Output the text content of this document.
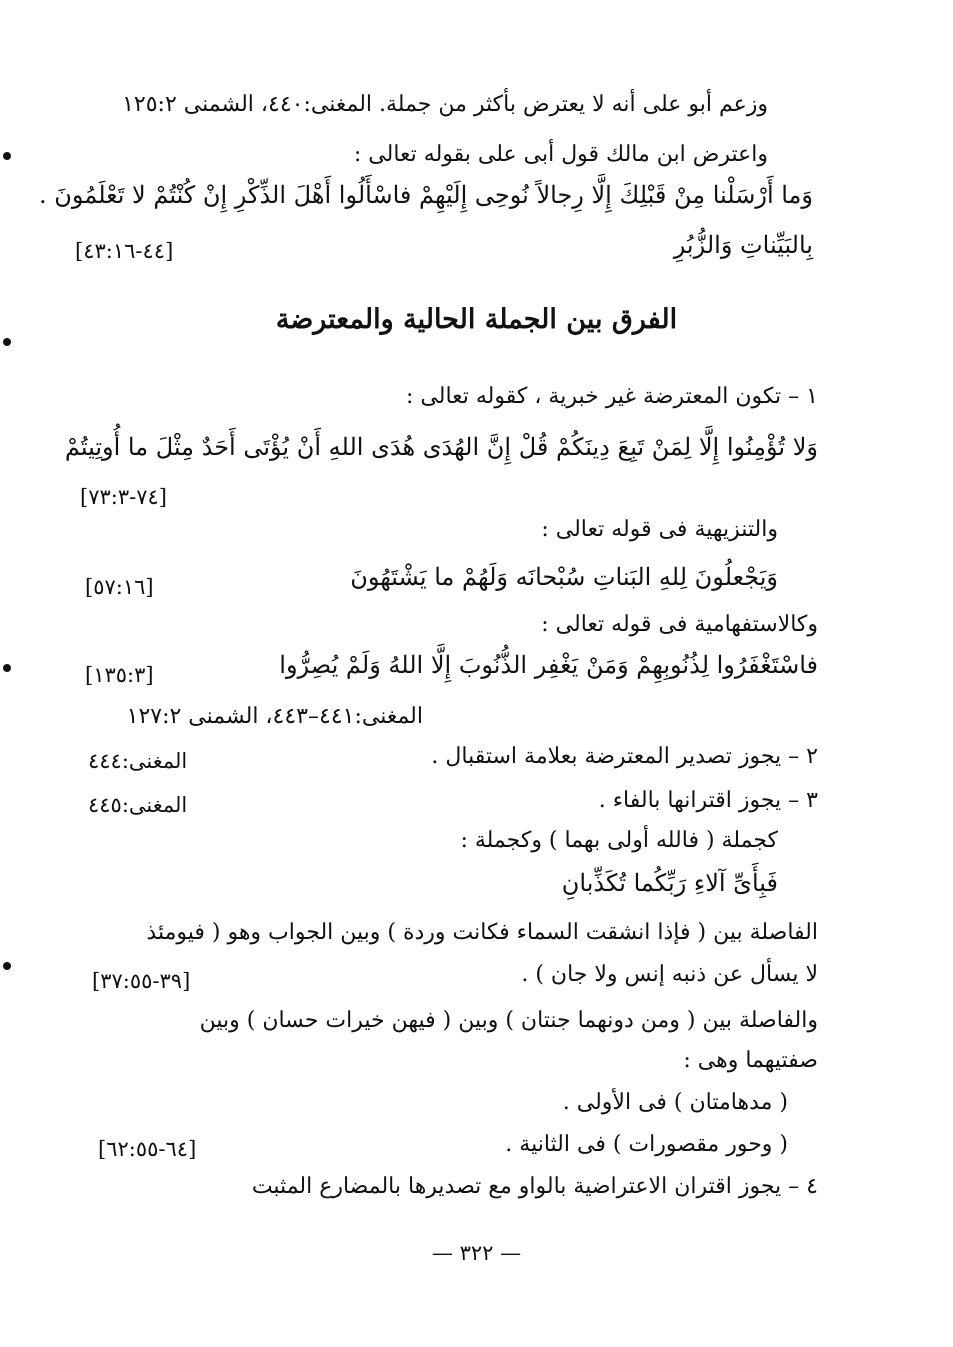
وزعم أبو على أنه لا يعترض بأكثر من جملة. المغنى:٤٤٠، الشمنى ١٢٥:٢
واعترض ابن مالك قول أبى على بقوله تعالى :
وَما أَرْسَلْنا مِنْ قَبْلِكَ إِلَّا رِجالاً نُوحِى إِلَيْهِمْ فاسْأَلُوا أَهْلَ الذِّكْرِ إِنْ كُنْتُمْ لا تَعْلَمُونَ .
بِالبَيِّناتِ وَالزُّبُرِ
[٤٤-٤٣:١٦]
الفرق بين الجملة الحالية والمعترضة
١ – تكون المعترضة غير خبرية ، كقوله تعالى :
وَلا تُؤْمِنُوا إِلَّا لِمَنْ تَبِعَ دِينَكُمْ قُلْ إِنَّ الهُدَى هُدَى اللهِ أَنْ يُؤْتَى أَحَدٌ مِثْلَ ما أُوتِيتُمْ
[٧٤-٧٣:٣]
والتنزيهية فى قوله تعالى :
وَيَجْعلُونَ لِلهِ البَناتِ سُبْحانَه وَلَهُمْ ما يَشْتَهُونَ
[٥٧:١٦]
وكالاستفهامية فى قوله تعالى :
فاسْتَغْفَرُوا لِذُنُوبِهِمْ وَمَنْ يَغْفِر الذُّنُوبَ إِلَّا اللهُ وَلَمْ يُصِرُّوا
[١٣٥:٣]
المغنى:٤٤١–٤٤٣، الشمنى ١٢٧:٢
٢ – يجوز تصدير المعترضة بعلامة استقبال .
المغنى:٤٤٤
٣ – يجوز اقترانها بالفاء .
المغنى:٤٤٥
كجملة ( فالله أولى بهما ) وكجملة :
فَبِأَىِّ آلاءِ رَبِّكُما تُكَذِّبانِ
الفاصلة بين ( فإذا انشقت السماء فكانت وردة ) وبين الجواب وهو ( فيومئذ
لا يسأل عن ذنبه إنس ولا جان ) .
[٣٩-٣٧:٥٥]
والفاصلة بين ( ومن دونهما جنتان ) وبين ( فيهن خيرات حسان ) وبين
صفتيهما وهى :
( مدهامتان ) فى الأولى .
( وحور مقصورات ) فى الثانية .
[٦٤-٦٢:٥٥]
٤ – يجوز اقتران الاعتراضية بالواو مع تصديرها بالمضارع المثبت
— ٣٢٢ —
